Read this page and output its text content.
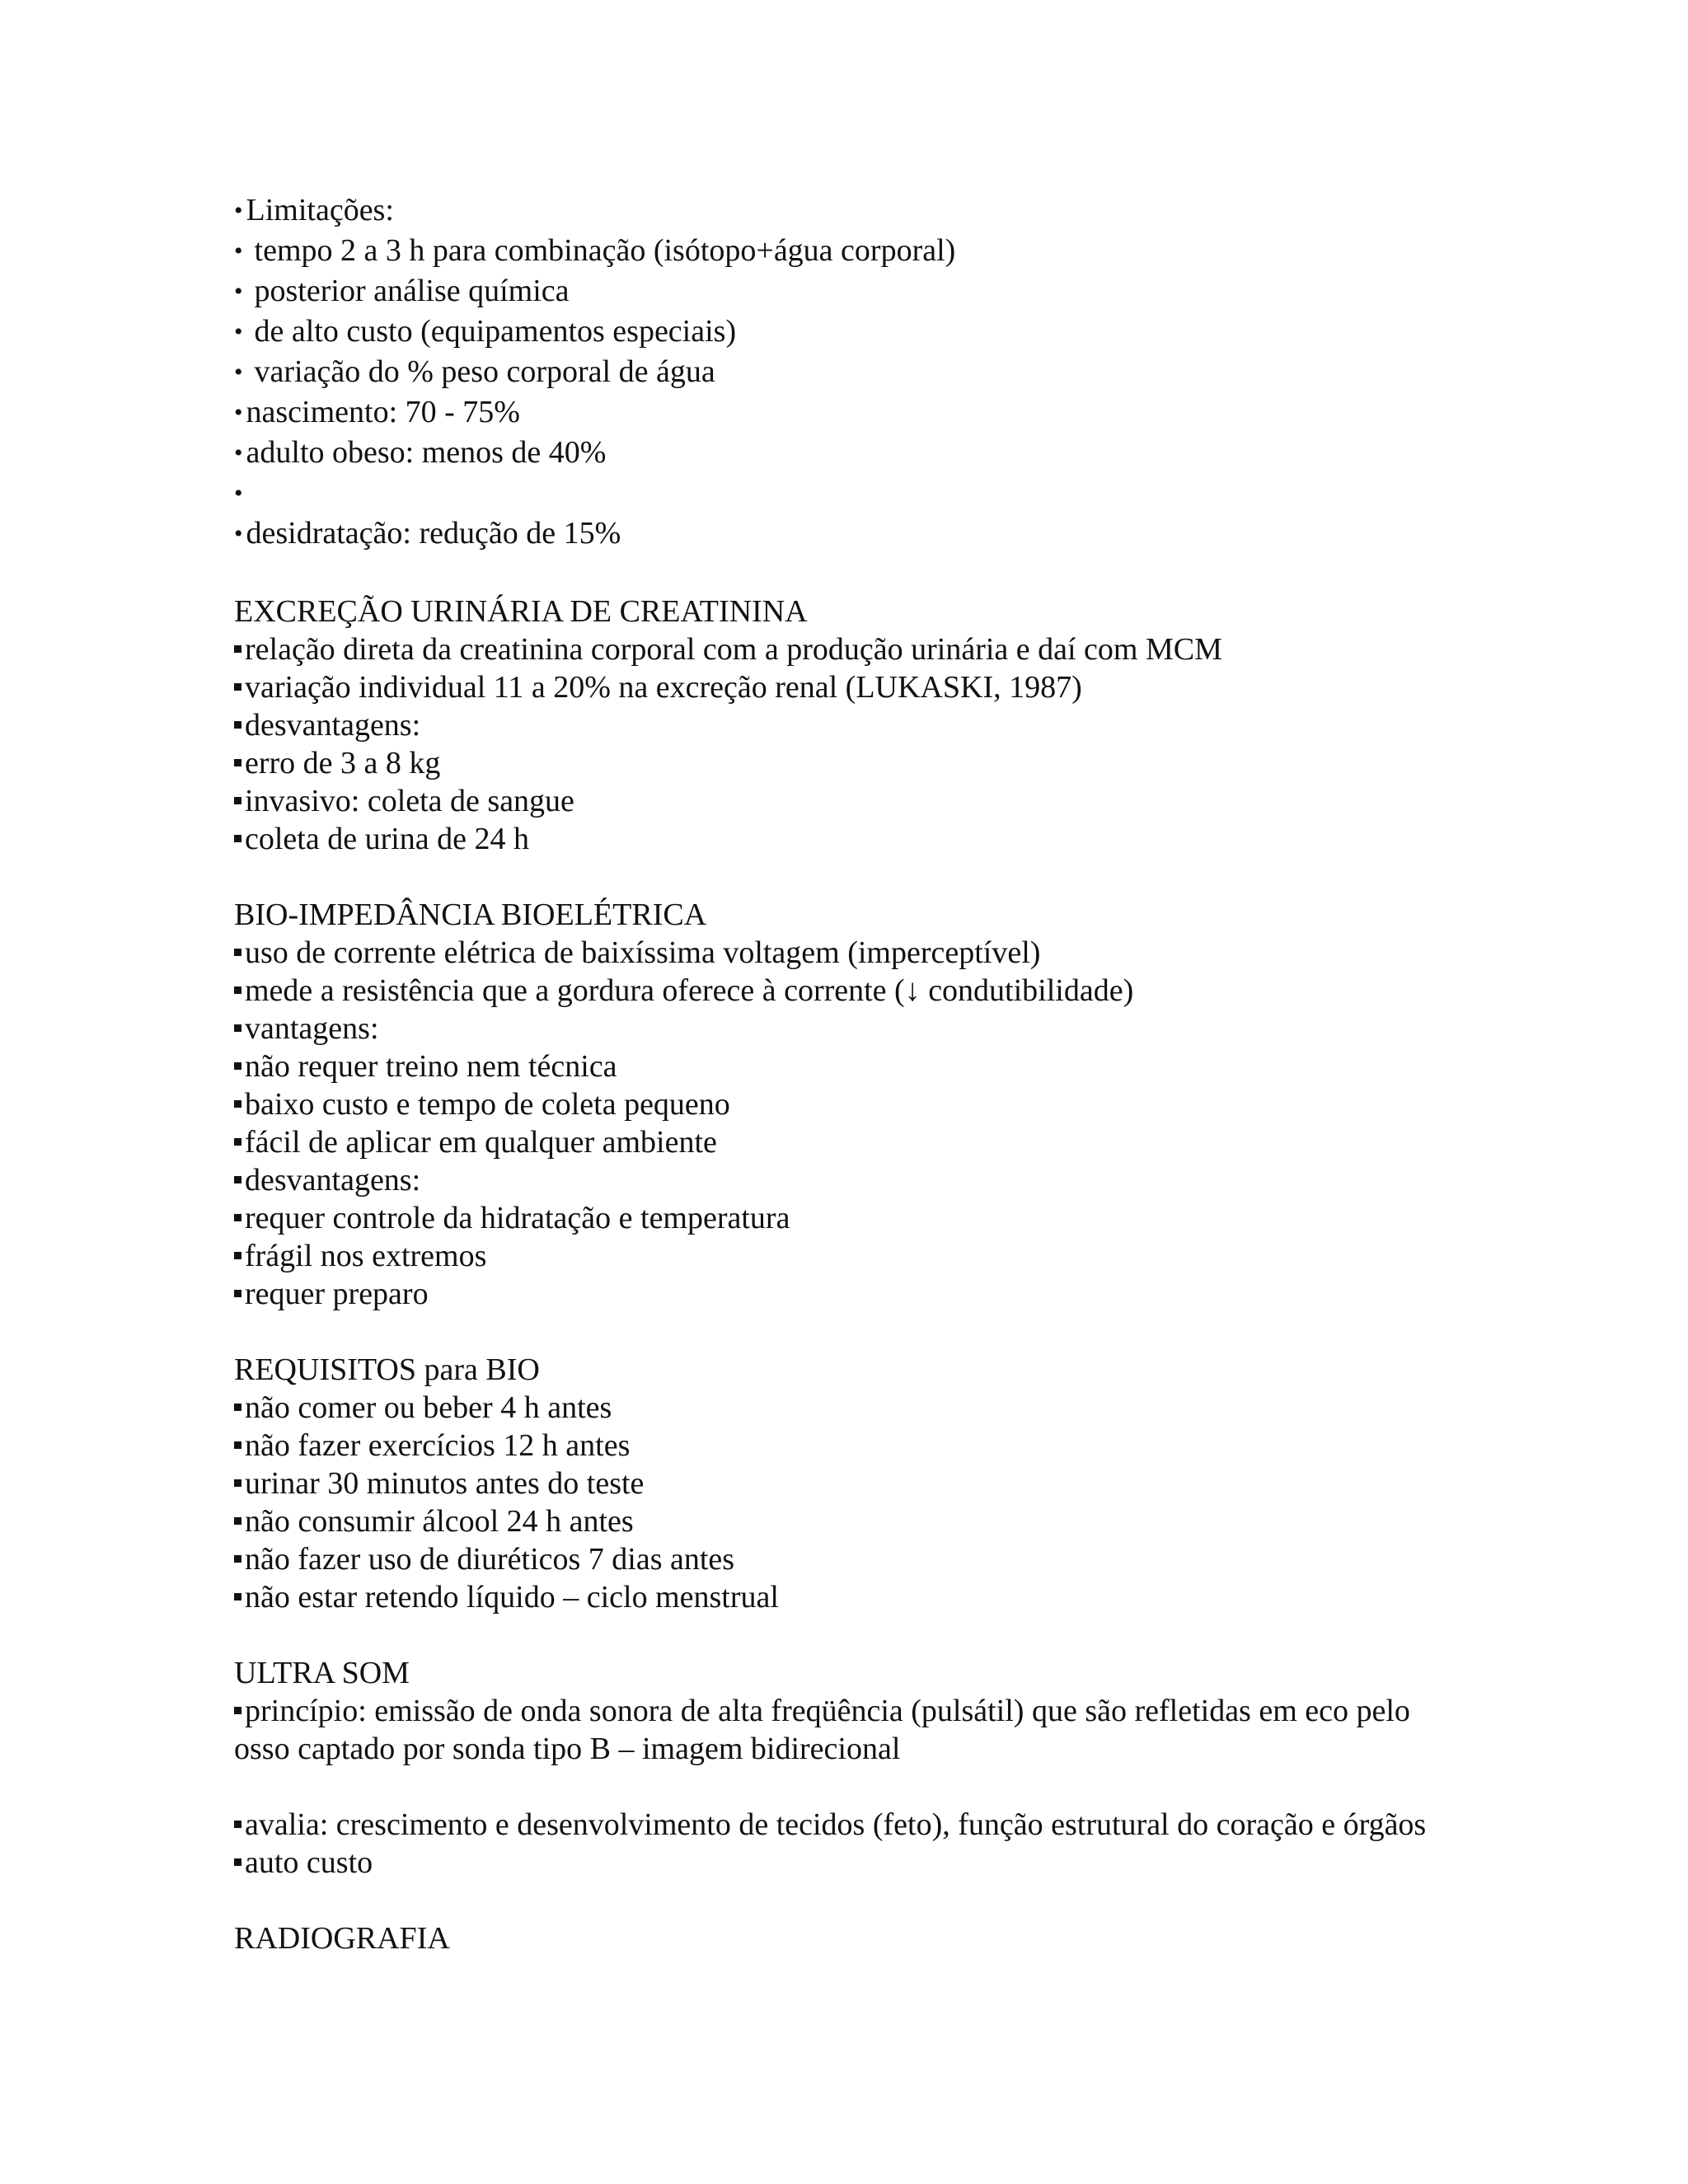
• Limitações:
• tempo 2 a 3 h para combinação (isótopo+água corporal)
• posterior análise química
• de alto custo (equipamentos especiais)
• variação do % peso corporal de água
• nascimento: 70 - 75%
• adulto obeso: menos de 40%
•
• desidratação: redução de 15%
EXCREÇÃO URINÁRIA DE CREATININA
relação direta da creatinina corporal com a produção urinária e daí com MCM
variação individual 11 a 20% na excreção renal (LUKASKI, 1987)
desvantagens:
erro de 3 a 8 kg
invasivo: coleta de sangue
coleta de urina de 24 h
BIO-IMPEDÂNCIA BIOELÉTRICA
uso de corrente elétrica de baixíssima voltagem (imperceptível)
mede a resistência que a gordura oferece à corrente (↓ condutibilidade)
vantagens:
não requer treino nem técnica
baixo custo e tempo de coleta pequeno
fácil de aplicar em qualquer ambiente
desvantagens:
requer controle da hidratação e temperatura
frágil nos extremos
requer preparo
REQUISITOS para BIO
não comer ou beber 4 h antes
não fazer exercícios 12 h antes
urinar 30 minutos antes do teste
não consumir álcool 24 h antes
não fazer uso de diuréticos 7 dias antes
não estar retendo líquido – ciclo menstrual
ULTRA SOM
princípio: emissão de onda sonora de alta freqüência (pulsátil) que são refletidas em eco pelo osso captado por sonda tipo B – imagem bidirecional
avalia: crescimento e desenvolvimento de tecidos (feto), função estrutural do coração e órgãos
auto custo
RADIOGRAFIA
